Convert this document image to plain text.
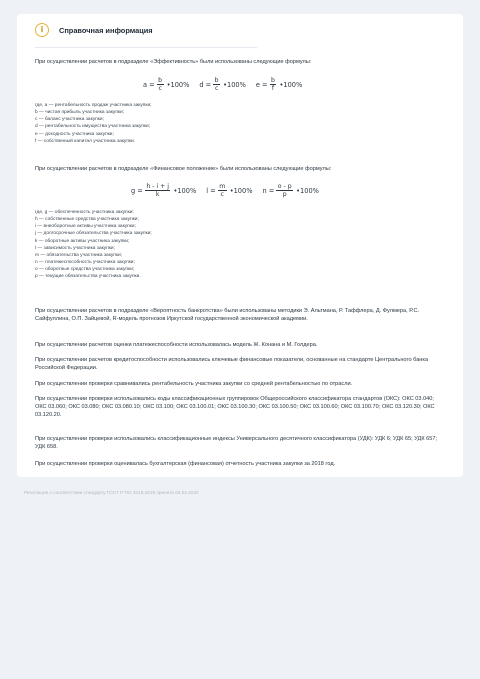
i	Справочная информация
При осуществлении расчетов в подразделе «Эффективность» были использованы следующие формулы:
$a = \frac{b}{c}$ •100% $d = \frac{b}{c}$ •100% $e = \frac{b}{f}$ •100%
где, a — рентабельность продаж участника закупки;
b — чистая прибыль участника закупки;
c — баланс участника закупки;
d — рентабельность имущества участника закупки;
e — доходность участника закупки;
f — собственный капитал участника закупки.
При осуществлении расчетов в подразделе «Финансовое положение» были использованы следующие формулы:
$g = \frac{h - i + j}{k}$ •100% $l = \frac{m}{c}$ •100% $n = \frac{o - p}{p}$ •100%
где, g — обеспеченность участника закупки;
h — собственные средства участника закупки;
i — внеоборотные активы участника закупки;
j — долгосрочные обязательства участника закупки;
k — оборотные активы участника закупки;
l — зависимость участника закупки;
m — обязательства участника закупки;
n — платежеспособность участника закупки;
o — оборотные средства участника закупки;
p — текущие обязательства участника закупки.
При осуществлении расчетов в подразделе «Вероятность банкротства» были использованы методики Э. Альтмана, Р. Таффлера, Д. Фулмера, Р.С. Сайфуллина, О.П. Зайцевой, R-модель прогнозов Иркутской государственной экономической академии.
При осуществлении расчетов оценки платежеспособности использовалась модель Ж. Конана и М. Голдера.
При осуществлении расчетов кредитоспособности использовались ключевые финансовые показатели, основанные на стандарте Центрального банка Российской Федерации.
При осуществлении проверки сравнивались рентабельность участника закупки со средней рентабельностью по отрасли.
При осуществлении проверки использовались коды классификационных группировок Общероссийского классификатора стандартов (ОКС): ОКС 03.040; ОКС 03.060; ОКС 03.080; ОКС 03.080.10; ОКС 03.100; ОКС 03.100.01; ОКС 03.100.30; ОКС 03.100.50; ОКС 03.100.60; ОКС 03.100.70; ОКС 03.120.30; ОКС 03.120.20.
При осуществлении проверки использовались классификационные индексы Универсального десятичного классификатора (УДК): УДК 6; УДК 65; УДК 657; УДК 658.
При осуществлении проверки оценивалась бухгалтерская (финансовая) отчетность участника закупки за 2018 год.
Резолюция о соответствии стандарту ГОСТ Р ПО 2016:2019 принята 04.02.2020
